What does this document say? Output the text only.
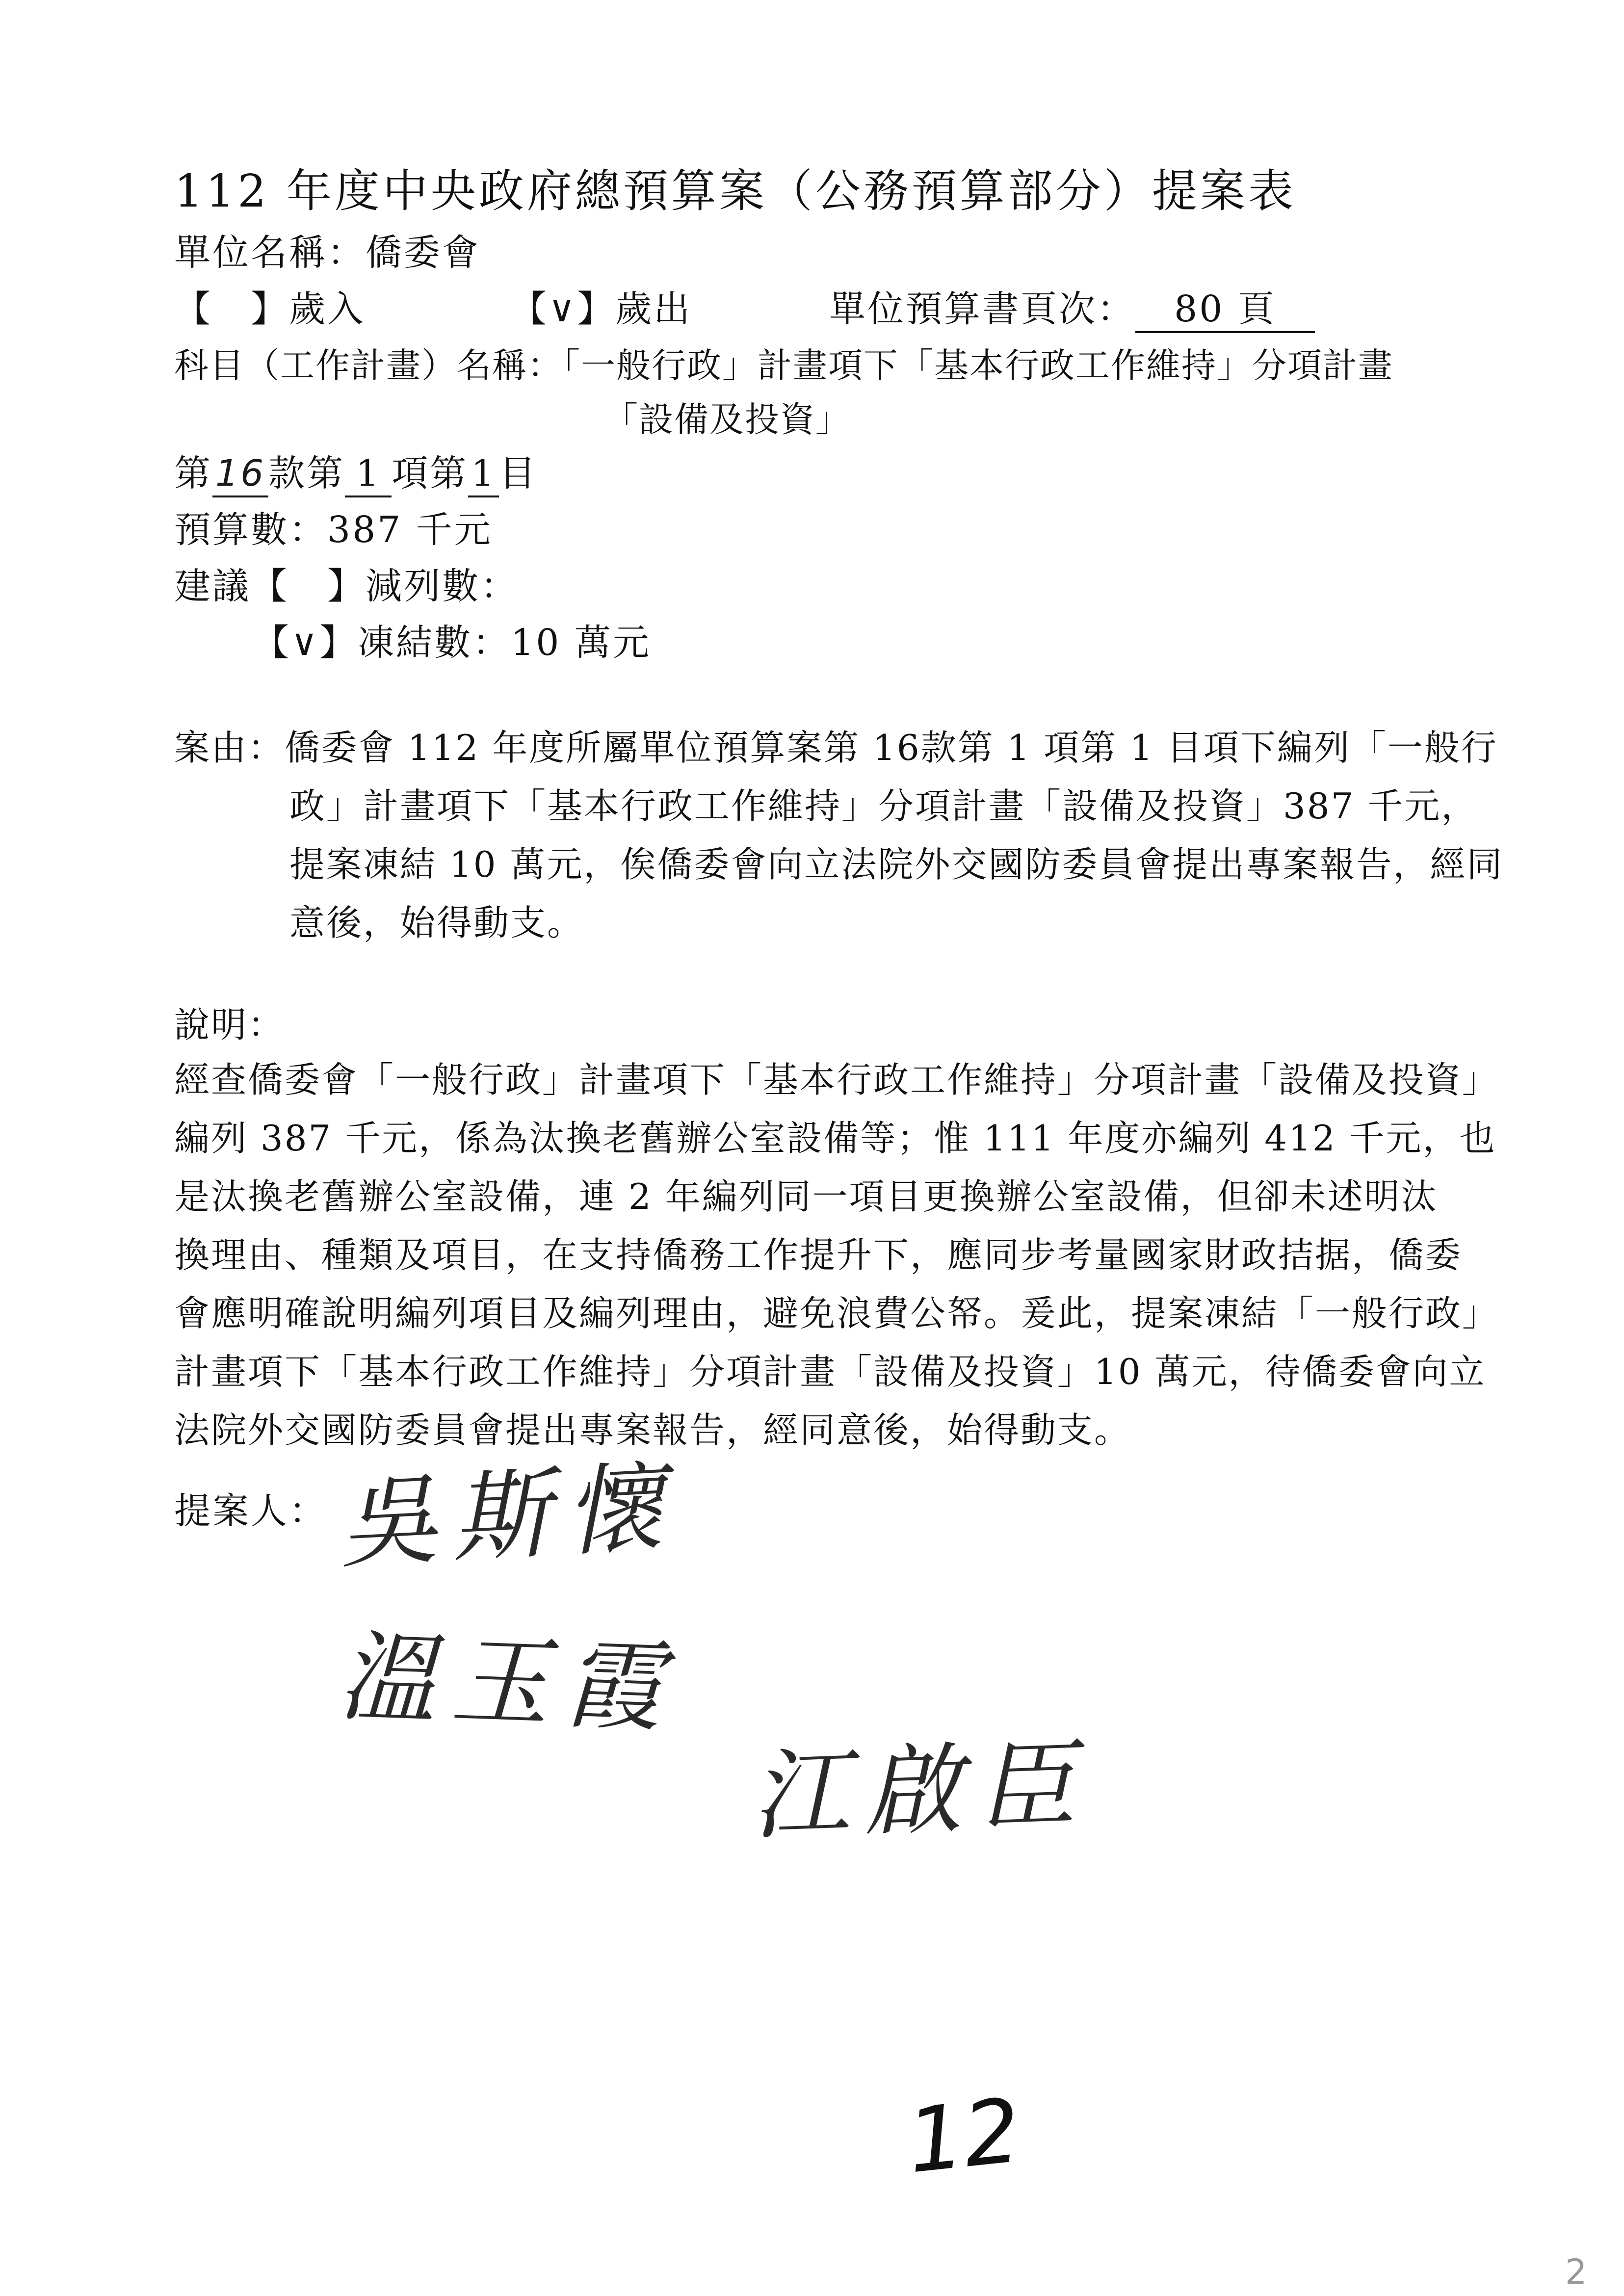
112 年度中央政府總預算案（公務預算部分）提案表
單位名稱：僑委會
【　】歲入	【∨】歲出	單位預算書頁次： 80 頁
科目（工作計畫）名稱：「一般行政」計畫項下「基本行政工作維持」分項計畫
「設備及投資」
第16款第 1 項第1目
預算數：387 千元
建議【　】減列數：
【∨】凍結數：10 萬元
案由：僑委會 112 年度所屬單位預算案第 16款第 1 項第 1 目項下編列「一般行
政」計畫項下「基本行政工作維持」分項計畫「設備及投資」387 千元，
提案凍結 10 萬元，俟僑委會向立法院外交國防委員會提出專案報告，經同
意後，始得動支。
說明：
經查僑委會「一般行政」計畫項下「基本行政工作維持」分項計畫「設備及投資」
編列 387 千元，係為汰換老舊辦公室設備等；惟 111 年度亦編列 412 千元，也
是汰換老舊辦公室設備，連 2 年編列同一項目更換辦公室設備，但卻未述明汰
換理由、種類及項目，在支持僑務工作提升下，應同步考量國家財政拮据，僑委
會應明確說明編列項目及編列理由，避免浪費公帑。爰此，提案凍結「一般行政」
計畫項下「基本行政工作維持」分項計畫「設備及投資」10 萬元，待僑委會向立
法院外交國防委員會提出專案報告，經同意後，始得動支。
提案人： 吳斯懷
溫玉霞
江啟臣
12
2
